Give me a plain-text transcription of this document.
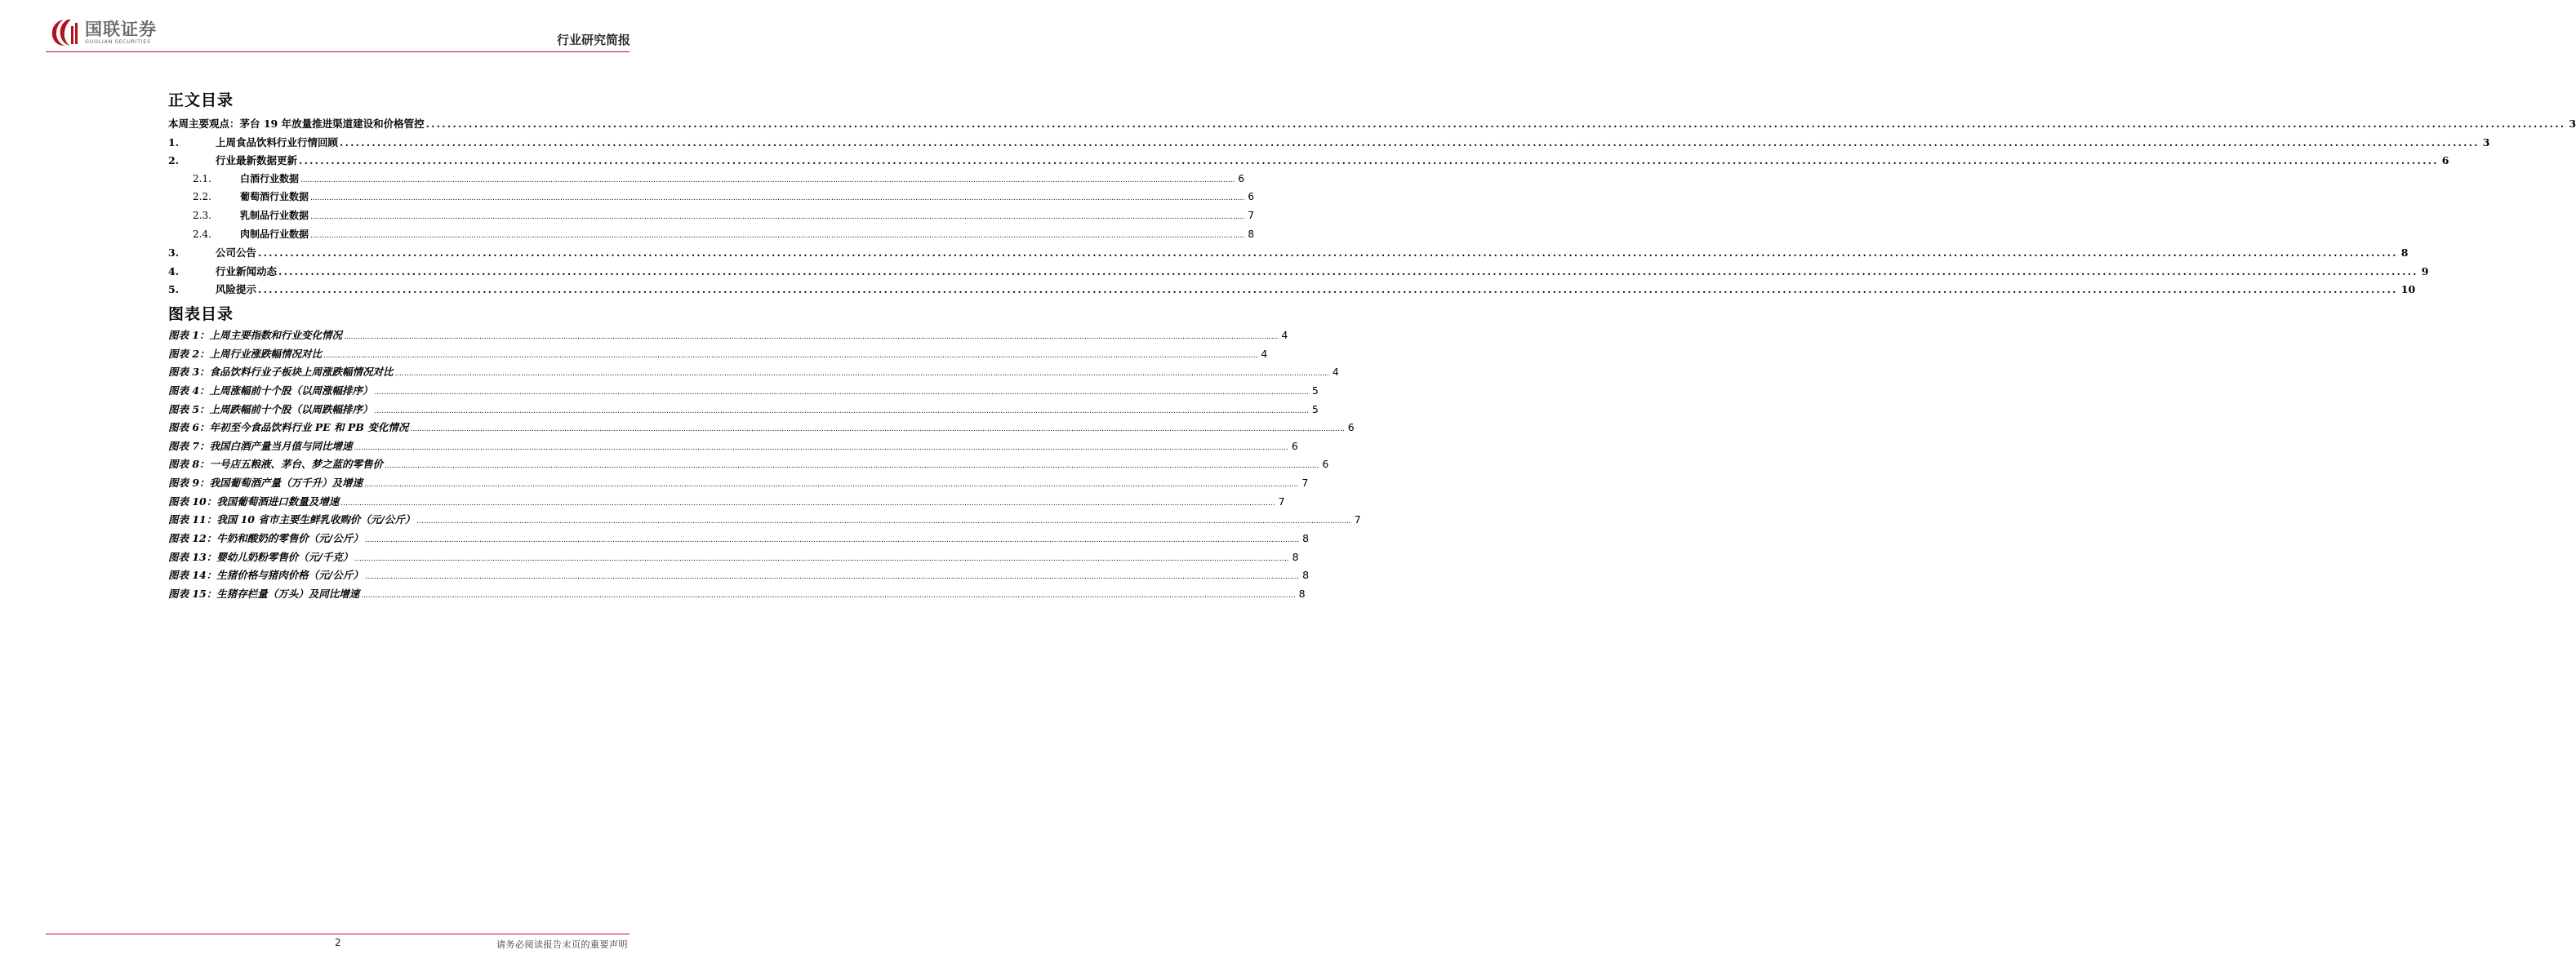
国联证券
GUOLIAN SECURITIES	行业研究简报
正文目录
本周主要观点：茅台 19 年放量推进渠道建设和价格管控 ................................................................................................................................................................................................................................................................................................................................................................................................................ 3
1.	上周食品饮料行业行情回顾 ................................................................................................................................................................................................................................................................................................................................................................................................................ 3
2.	行业最新数据更新 ................................................................................................................................................................................................................................................................................................................................................................................................................ 6
2.1.	白酒行业数据 ................................................................................................................................................................................................................................................................................................................................................................................................................ 6
2.2.	葡萄酒行业数据 ................................................................................................................................................................................................................................................................................................................................................................................................................ 6
2.3.	乳制品行业数据 ................................................................................................................................................................................................................................................................................................................................................................................................................ 7
2.4.	肉制品行业数据 ................................................................................................................................................................................................................................................................................................................................................................................................................ 8
3.	公司公告 ................................................................................................................................................................................................................................................................................................................................................................................................................ 8
4.	行业新闻动态 ................................................................................................................................................................................................................................................................................................................................................................................................................ 9
5.	风险提示 ................................................................................................................................................................................................................................................................................................................................................................................................................ 10
图表目录
图表 1：上周主要指数和行业变化情况 ................................................................................................................................................................................................................................................................................................................................................................................................................ 4
图表 2：上周行业涨跌幅情况对比 ................................................................................................................................................................................................................................................................................................................................................................................................................ 4
图表 3：食品饮料行业子板块上周涨跌幅情况对比 ................................................................................................................................................................................................................................................................................................................................................................................................................ 4
图表 4：上周涨幅前十个股（以周涨幅排序） ................................................................................................................................................................................................................................................................................................................................................................................................................ 5
图表 5：上周跌幅前十个股（以周跌幅排序） ................................................................................................................................................................................................................................................................................................................................................................................................................ 5
图表 6：年初至今食品饮料行业 PE 和 PB 变化情况 ................................................................................................................................................................................................................................................................................................................................................................................................................ 6
图表 7：我国白酒产量当月值与同比增速 ................................................................................................................................................................................................................................................................................................................................................................................................................ 6
图表 8：一号店五粮液、茅台、梦之蓝的零售价 ................................................................................................................................................................................................................................................................................................................................................................................................................ 6
图表 9：我国葡萄酒产量（万千升）及增速 ................................................................................................................................................................................................................................................................................................................................................................................................................ 7
图表 10：我国葡萄酒进口数量及增速 ................................................................................................................................................................................................................................................................................................................................................................................................................ 7
图表 11：我国 10 省市主要生鲜乳收购价（元/公斤） ................................................................................................................................................................................................................................................................................................................................................................................................................ 7
图表 12：牛奶和酸奶的零售价（元/公斤） ................................................................................................................................................................................................................................................................................................................................................................................................................ 8
图表 13：婴幼儿奶粉零售价（元/千克） ................................................................................................................................................................................................................................................................................................................................................................................................................ 8
图表 14：生猪价格与猪肉价格（元/公斤） ................................................................................................................................................................................................................................................................................................................................................................................................................ 8
图表 15：生猪存栏量（万头）及同比增速 ................................................................................................................................................................................................................................................................................................................................................................................................................ 8
2	请务必阅读报告末页的重要声明
